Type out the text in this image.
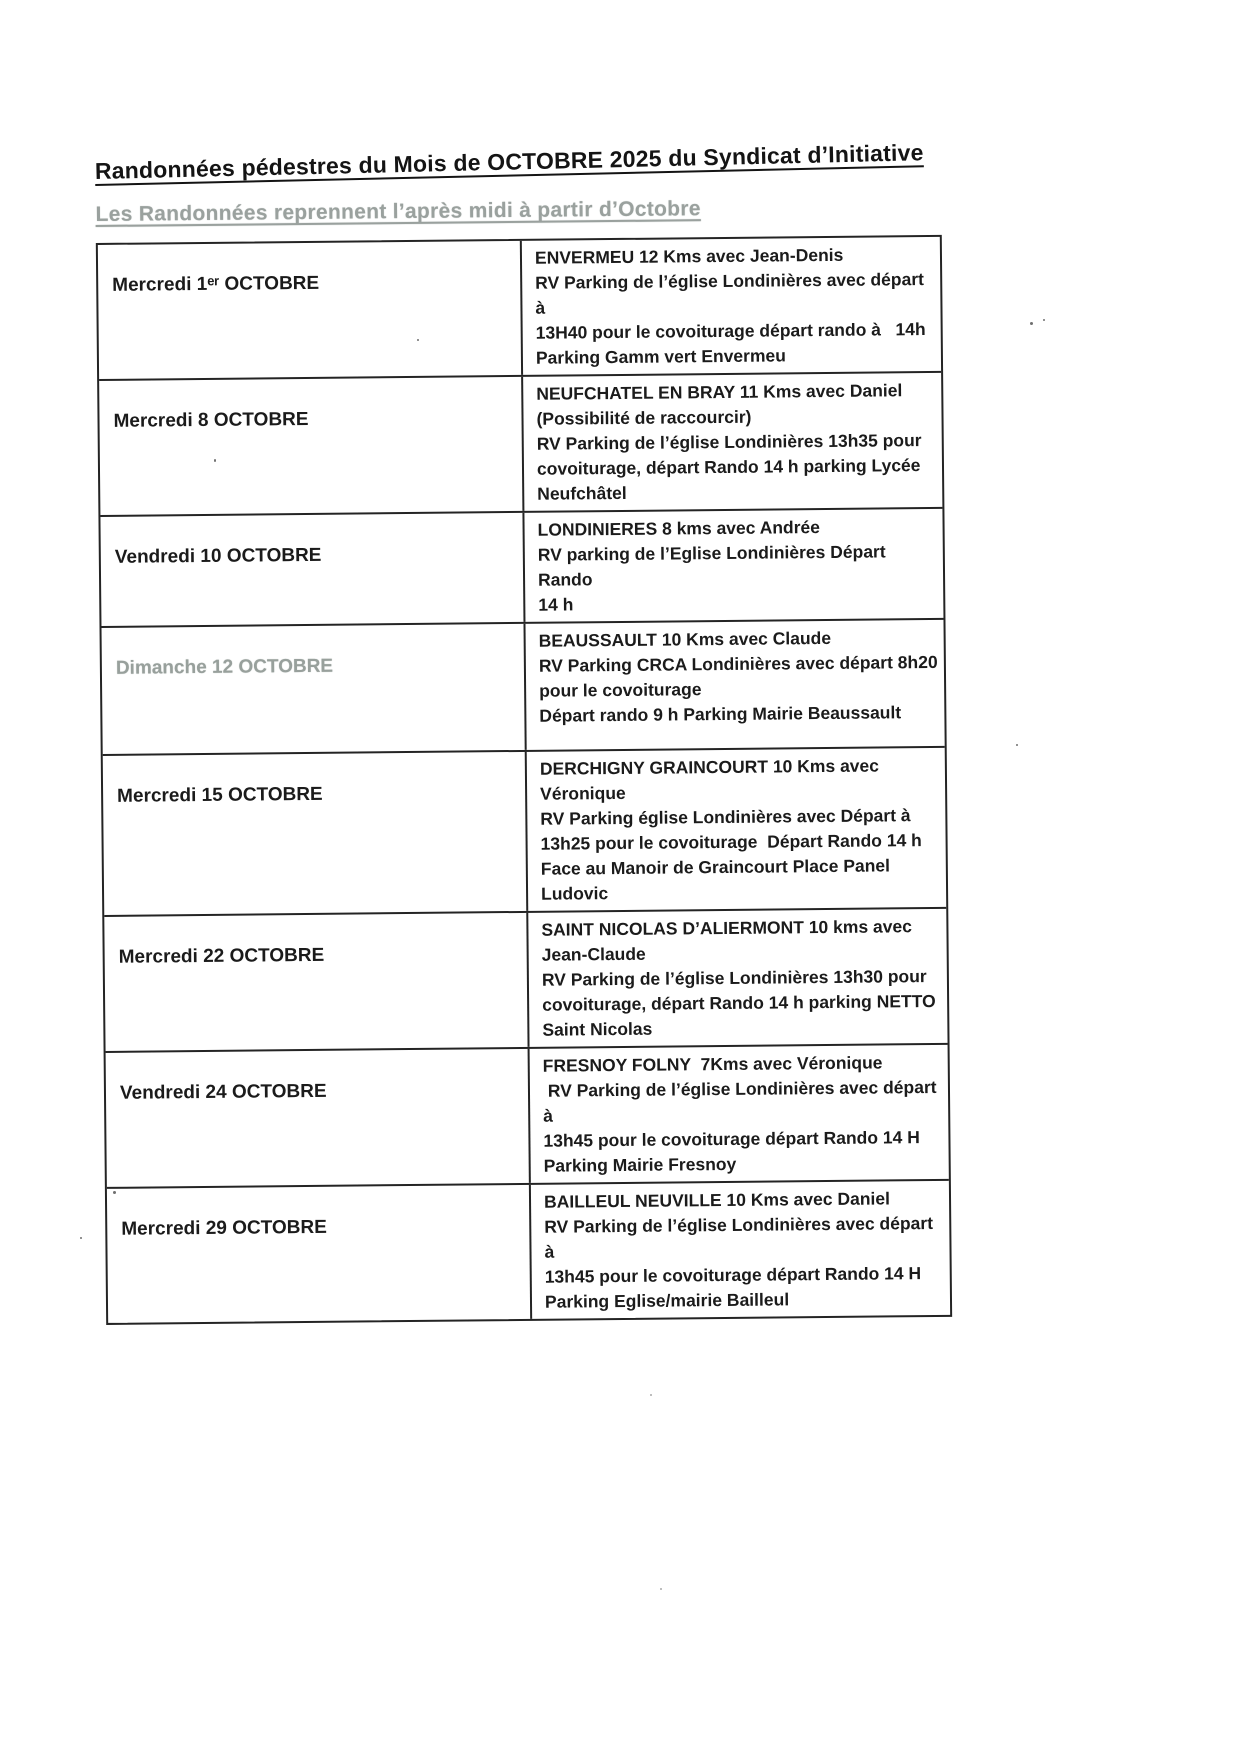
Randonnées pédestres du Mois de OCTOBRE 2025 du Syndicat d’Initiative
Les Randonnées reprennent l’après midi à partir d’Octobre
Mercredi 1ᵉʳ OCTOBRE
ENVERMEU 12 Kms avec Jean-Denis
RV Parking de l’église Londinières avec départ à
13H40 pour le covoiturage départ rando à   14h
Parking Gamm vert Envermeu
Mercredi 8 OCTOBRE
NEUFCHATEL EN BRAY 11 Kms avec Daniel
(Possibilité de raccourcir)
RV Parking de l’église Londinières 13h35 pour
covoiturage, départ Rando 14 h parking Lycée
Neufchâtel
Vendredi 10 OCTOBRE
LONDINIERES 8 kms avec Andrée
RV parking de l’Eglise Londinières Départ Rando
14 h
Dimanche 12 OCTOBRE
BEAUSSAULT 10 Kms avec Claude
RV Parking CRCA Londinières avec départ 8h20
pour le covoiturage
Départ rando 9 h Parking Mairie Beaussault
Mercredi 15 OCTOBRE
DERCHIGNY GRAINCOURT 10 Kms avec
Véronique
RV Parking église Londinières avec Départ à
13h25 pour le covoiturage  Départ Rando 14 h
Face au Manoir de Graincourt Place Panel
Ludovic
Mercredi 22 OCTOBRE
SAINT NICOLAS D’ALIERMONT 10 kms avec
Jean-Claude
RV Parking de l’église Londinières 13h30 pour
covoiturage, départ Rando 14 h parking NETTO
Saint Nicolas
Vendredi 24 OCTOBRE
FRESNOY FOLNY  7Kms avec Véronique
RV Parking de l’église Londinières avec départ à
13h45 pour le covoiturage départ Rando 14 H
Parking Mairie Fresnoy
Mercredi 29 OCTOBRE
BAILLEUL NEUVILLE 10 Kms avec Daniel
RV Parking de l’église Londinières avec départ à
13h45 pour le covoiturage départ Rando 14 H
Parking Eglise/mairie Bailleul
